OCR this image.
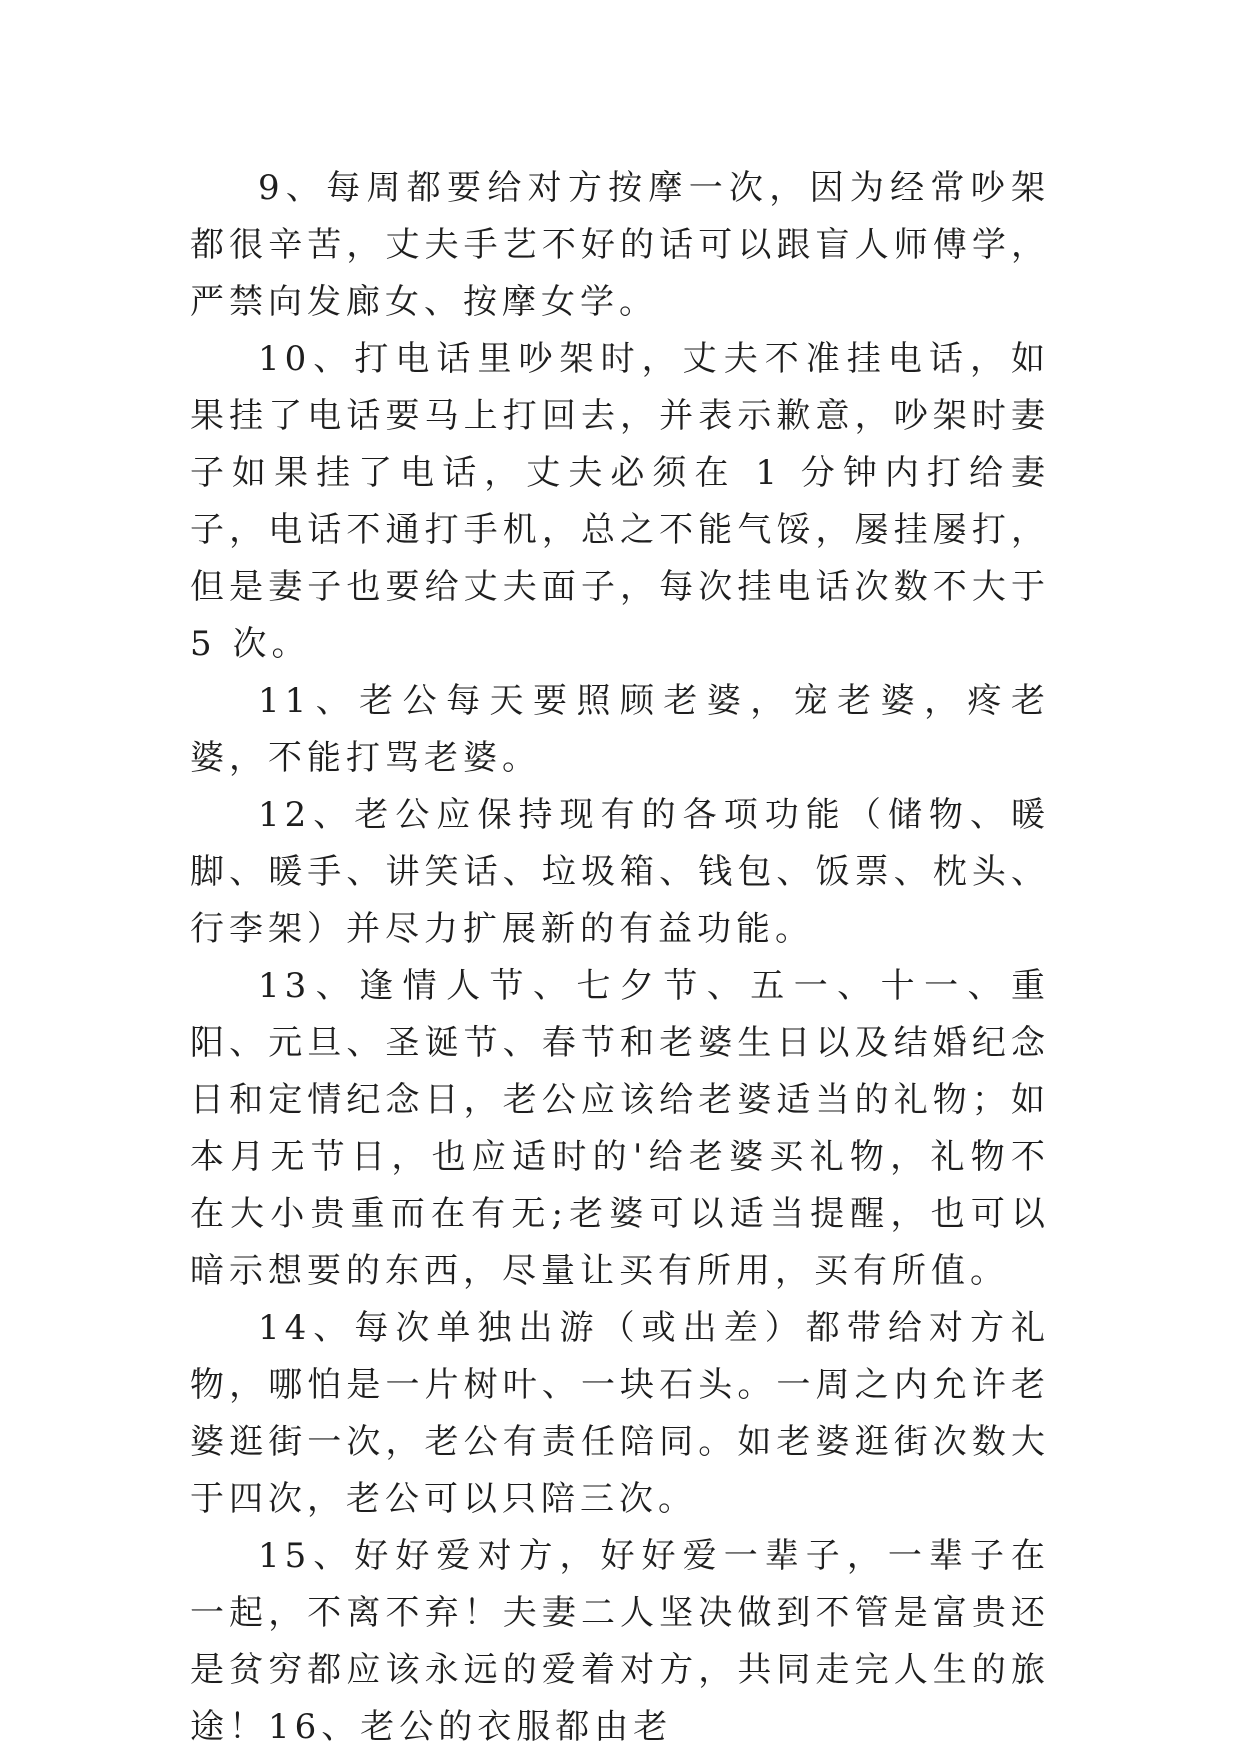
9、每周都要给对方按摩一次，因为经常吵架都很辛苦，丈夫手艺不好的话可以跟盲人师傅学，严禁向发廊女、按摩女学。

10、打电话里吵架时，丈夫不准挂电话，如果挂了电话要马上打回去，并表示歉意，吵架时妻子如果挂了电话，丈夫必须在 1 分钟内打给妻子，电话不通打手机，总之不能气馁，屡挂屡打，但是妻子也要给丈夫面子，每次挂电话次数不大于 5 次。

11、老公每天要照顾老婆，宠老婆，疼老婆，不能打骂老婆。

12、老公应保持现有的各项功能（储物、暖脚、暖手、讲笑话、垃圾箱、钱包、饭票、枕头、行李架）并尽力扩展新的有益功能。

13、逢情人节、七夕节、五一、十一、重阳、元旦、圣诞节、春节和老婆生日以及结婚纪念日和定情纪念日，老公应该给老婆适当的礼物；如本月无节日，也应适时的'给老婆买礼物，礼物不在大小贵重而在有无;老婆可以适当提醒，也可以暗示想要的东西，尽量让买有所用，买有所值。

14、每次单独出游（或出差）都带给对方礼物，哪怕是一片树叶、一块石头。一周之内允许老婆逛街一次，老公有责任陪同。如老婆逛街次数大于四次，老公可以只陪三次。

15、好好爱对方，好好爱一辈子，一辈子在一起，不离不弃！夫妻二人坚决做到不管是富贵还是贫穷都应该永远的爱着对方，共同走完人生的旅途！16、老公的衣服都由老
